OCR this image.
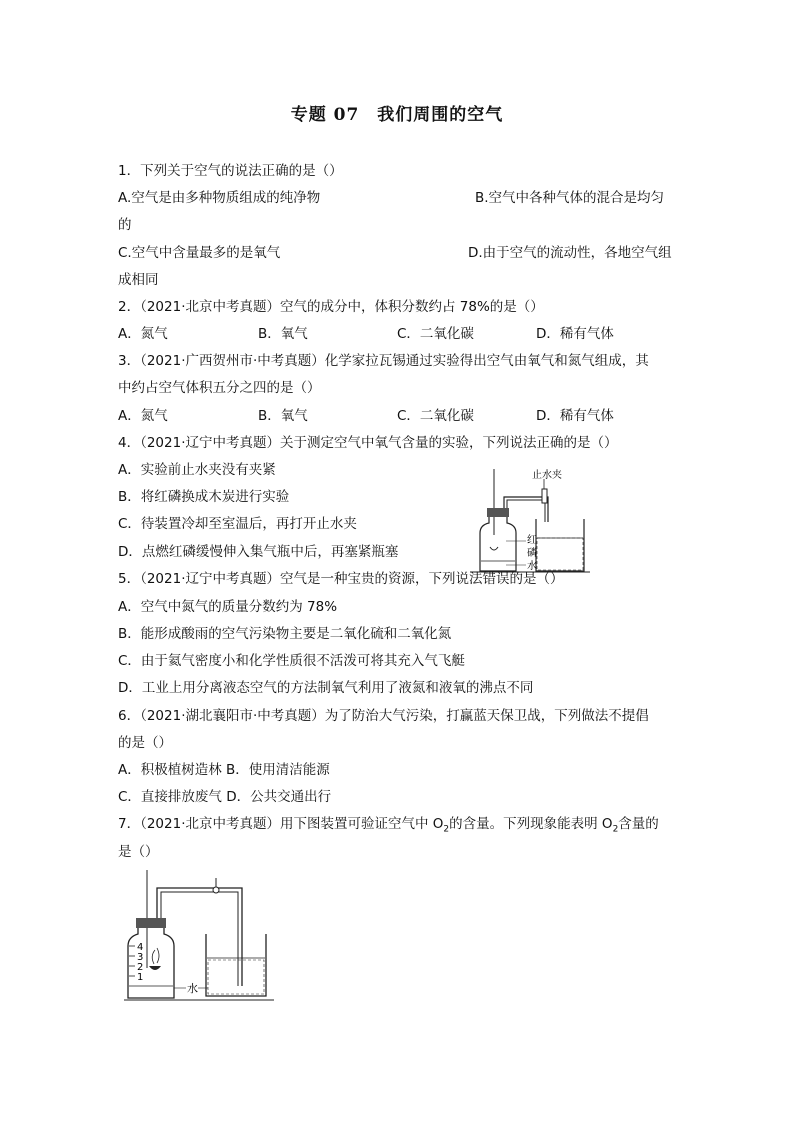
专题 07　我们周围的空气
1．下列关于空气的说法正确的是（）
A.空气是由多种物质组成的纯净物	B.空气中各种气体的混合是均匀
的
C.空气中含量最多的是氧气	D.由于空气的流动性，各地空气组
成相同
2．（2021·北京中考真题）空气的成分中，体积分数约占 78%的是（）
A．氮气	B．氧气	C．二氧化碳	D．稀有气体
3．（2021·广西贺州市·中考真题）化学家拉瓦锡通过实验得出空气由氧气和氮气组成，其
中约占空气体积五分之四的是（）
A．氮气	B．氧气	C．二氧化碳	D．稀有气体
4．（2021·辽宁中考真题）关于测定空气中氧气含量的实验，下列说法正确的是（）
A．实验前止水夹没有夹紧
B．将红磷换成木炭进行实验
C．待装置冷却至室温后，再打开止水夹
D．点燃红磷缓慢伸入集气瓶中后，再塞紧瓶塞
止水夹
红
磷
水
5．（2021·辽宁中考真题）空气是一种宝贵的资源，下列说法错误的是（）
A．空气中氮气的质量分数约为 78%
B．能形成酸雨的空气污染物主要是二氧化硫和二氧化氮
C．由于氦气密度小和化学性质很不活泼可将其充入气飞艇
D．工业上用分离液态空气的方法制氧气利用了液氮和液氧的沸点不同
6．（2021·湖北襄阳市·中考真题）为了防治大气污染，打赢蓝天保卫战，下列做法不提倡
的是（）
A．积极植树造林 B．使用清洁能源
C．直接排放废气 D．公共交通出行
7．（2021·北京中考真题）用下图装置可验证空气中 $O_2$的含量。下列现象能表明 $O_2$含量的
是（）
4
3
2
1
水
